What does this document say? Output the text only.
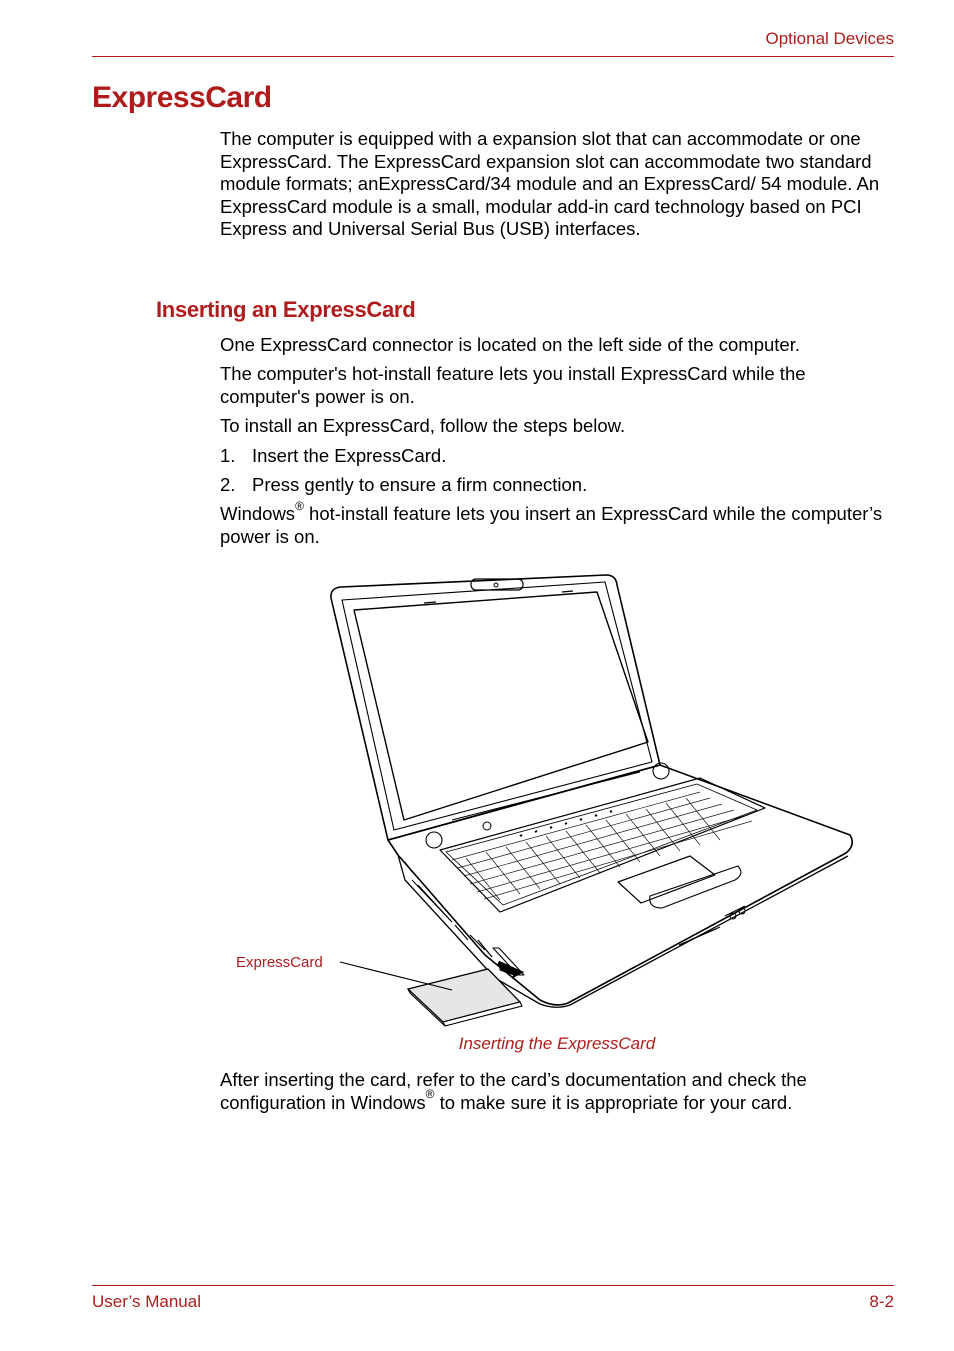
Optional Devices
ExpressCard

The computer is equipped with a expansion slot that can accommodate or one ExpressCard. The ExpressCard expansion slot can accommodate two standard module formats; anExpressCard/34 module and an ExpressCard/ 54 module. An ExpressCard module is a small, modular add-in card technology based on PCI Express and Universal Serial Bus (USB) interfaces.

Inserting an ExpressCard

One ExpressCard connector is located on the left side of the computer.

The computer's hot-install feature lets you install ExpressCard while the computer's power is on.

To install an ExpressCard, follow the steps below.

1. Insert the ExpressCard.
2. Press gently to ensure a firm connection.

Windows® hot-install feature lets you insert an ExpressCard while the computer’s power is on.

ExpressCard
Inserting the ExpressCard

After inserting the card, refer to the card’s documentation and check the configuration in Windows® to make sure it is appropriate for your card.

User’s Manual	8-2
